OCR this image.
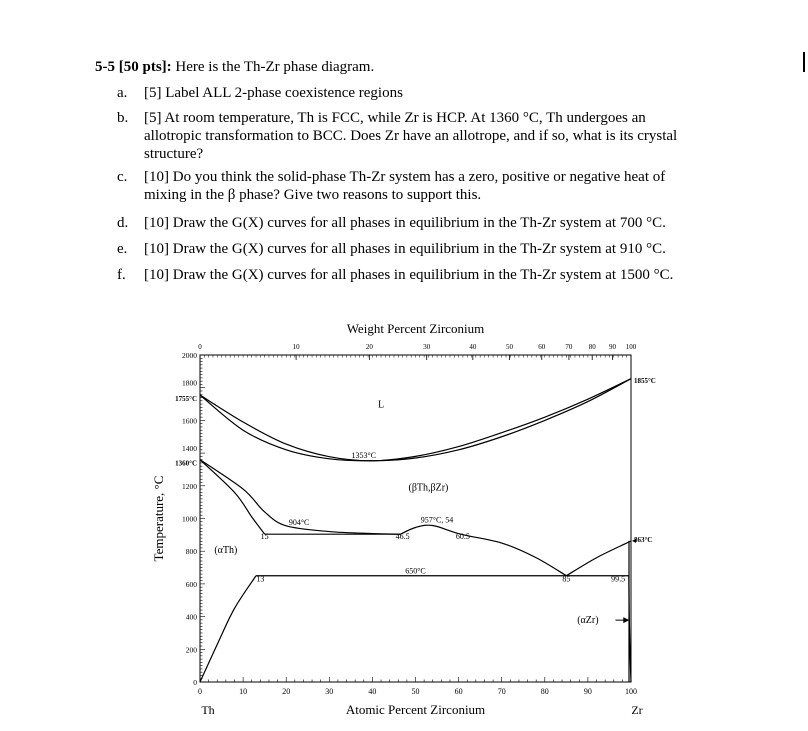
5-5 [50 pts]: Here is the Th-Zr phase diagram.
a. [5] Label ALL 2-phase coexistence regions
b. [5] At room temperature, Th is FCC, while Zr is HCP. At 1360 °C, Th undergoes an
allotropic transformation to BCC. Does Zr have an allotrope, and if so, what is its crystal
structure?
c. [10] Do you think the solid-phase Th-Zr system has a zero, positive or negative heat of
mixing in the β phase? Give two reasons to support this.
d. [10] Draw the G(X) curves for all phases in equilibrium in the Th-Zr system at 700 °C.
e. [10] Draw the G(X) curves for all phases in equilibrium in the Th-Zr system at 910 °C.
f. [10] Draw the G(X) curves for all phases in equilibrium in the Th-Zr system at 1500 °C.
0	10	20	30	40	50	60	70	80	90	100
0
200
400
600
800
1000
1200
1400
1600
1800
2000
0	10	20	30	40	50	60	70 80 90 100
1755°C
1360°C
Weight Percent Zirconium
Atomic Percent Zirconium
Temperature, °C
Th	Zr
L
1353°C
(βTh,βZr)
904°C	957°C, 54
15	46.5	60.5
650°C
13	85	99.5
(αTh)
(αZr)
1855°C
863°C
